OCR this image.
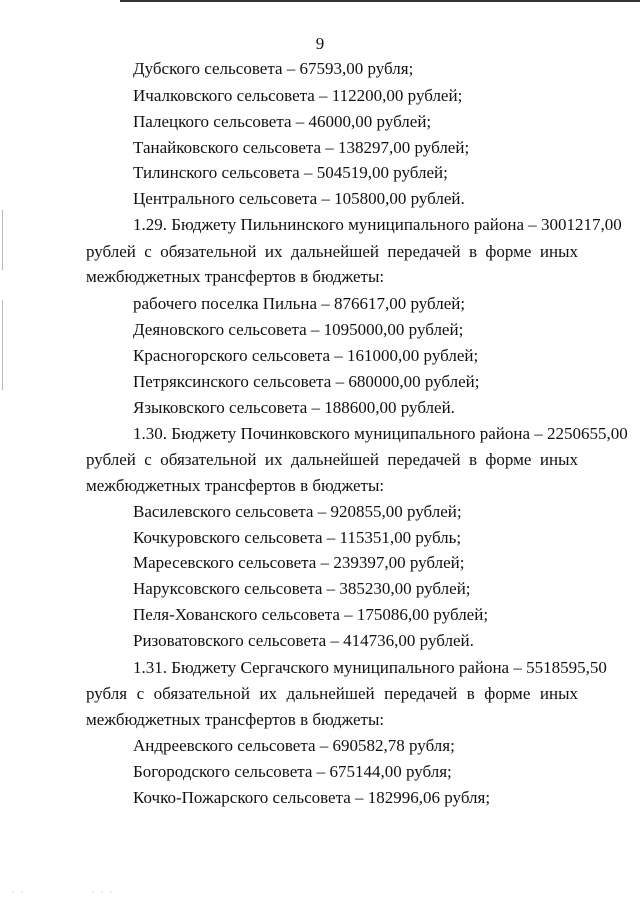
9
Дубского сельсовета – 67593,00 рубля;
Ичалковского сельсовета – 112200,00 рублей;
Палецкого сельсовета – 46000,00 рублей;
Танайковского сельсовета – 138297,00 рублей;
Тилинского сельсовета – 504519,00 рублей;
Центрального сельсовета – 105800,00 рублей.
1.29. Бюджету Пильнинского муниципального района – 3001217,00
рублей с обязательной их дальнейшей передачей в форме иных
межбюджетных трансфертов в бюджеты:
рабочего поселка Пильна – 876617,00 рублей;
Деяновского сельсовета – 1095000,00 рублей;
Красногорского сельсовета – 161000,00 рублей;
Петряксинского сельсовета – 680000,00 рублей;
Языковского сельсовета – 188600,00 рублей.
1.30. Бюджету Починковского муниципального района – 2250655,00
рублей с обязательной их дальнейшей передачей в форме иных
межбюджетных трансфертов в бюджеты:
Василевского сельсовета – 920855,00 рублей;
Кочкуровского сельсовета – 115351,00 рубль;
Маресевского сельсовета – 239397,00 рублей;
Наруксовского сельсовета – 385230,00 рублей;
Пеля-Хованского сельсовета – 175086,00 рублей;
Ризоватовского сельсовета – 414736,00 рублей.
1.31. Бюджету Сергачского муниципального района – 5518595,50
рубля с обязательной их дальнейшей передачей в форме иных
межбюджетных трансфертов в бюджеты:
Андреевского сельсовета – 690582,78 рубля;
Богородского сельсовета – 675144,00 рубля;
Кочко-Пожарского сельсовета – 182996,06 рубля;
· ·	· · ·
